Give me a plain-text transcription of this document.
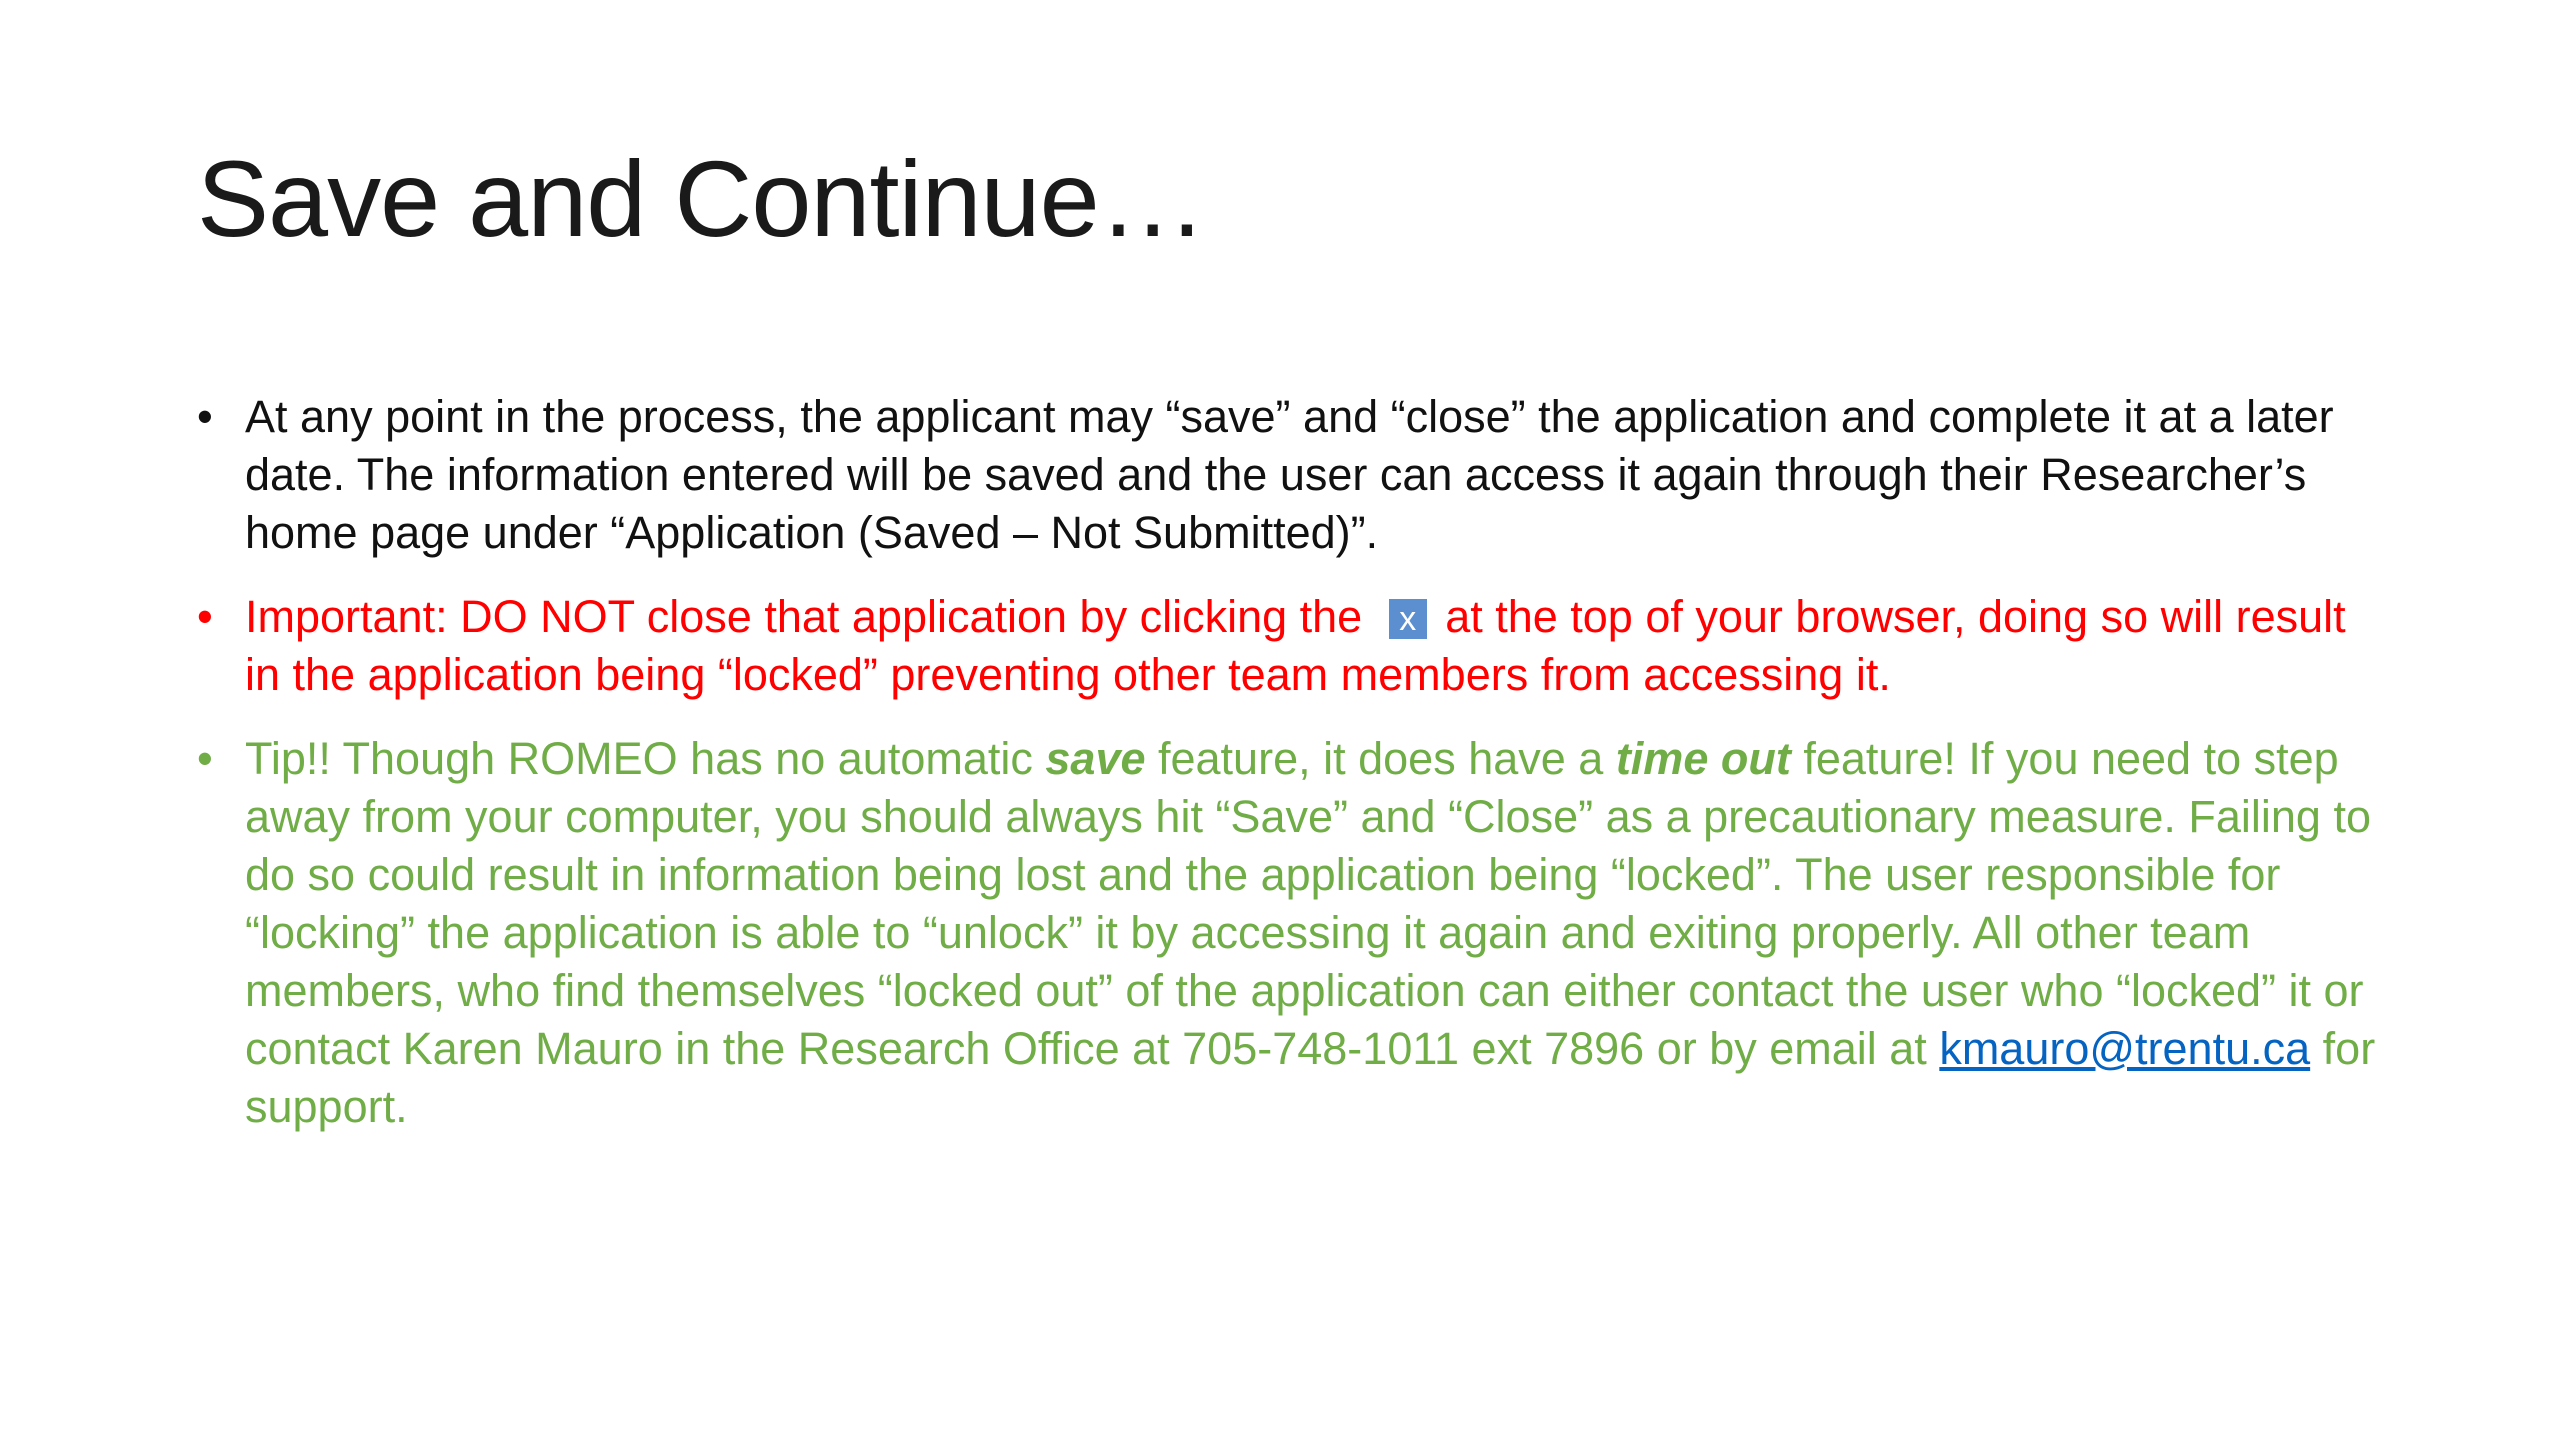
Save and Continue…
• At any point in the process, the applicant may “save” and “close” the application and complete it at a later date. The information entered will be saved and the user can access it again through their Researcher’s home page under “Application (Saved – Not Submitted)”.
• Important: DO NOT close that application by clicking the x at the top of your browser, doing so will result in the application being “locked” preventing other team members from accessing it.
• Tip!! Though ROMEO has no automatic save feature, it does have a time out feature! If you need to step away from your computer, you should always hit “Save” and “Close” as a precautionary measure. Failing to do so could result in information being lost and the application being “locked”. The user responsible for “locking” the application is able to “unlock” it by accessing it again and exiting properly. All other team members, who find themselves “locked out” of the application can either contact the user who “locked” it or contact Karen Mauro in the Research Office at 705-748-1011 ext 7896 or by email at kmauro@trentu.ca for support.
